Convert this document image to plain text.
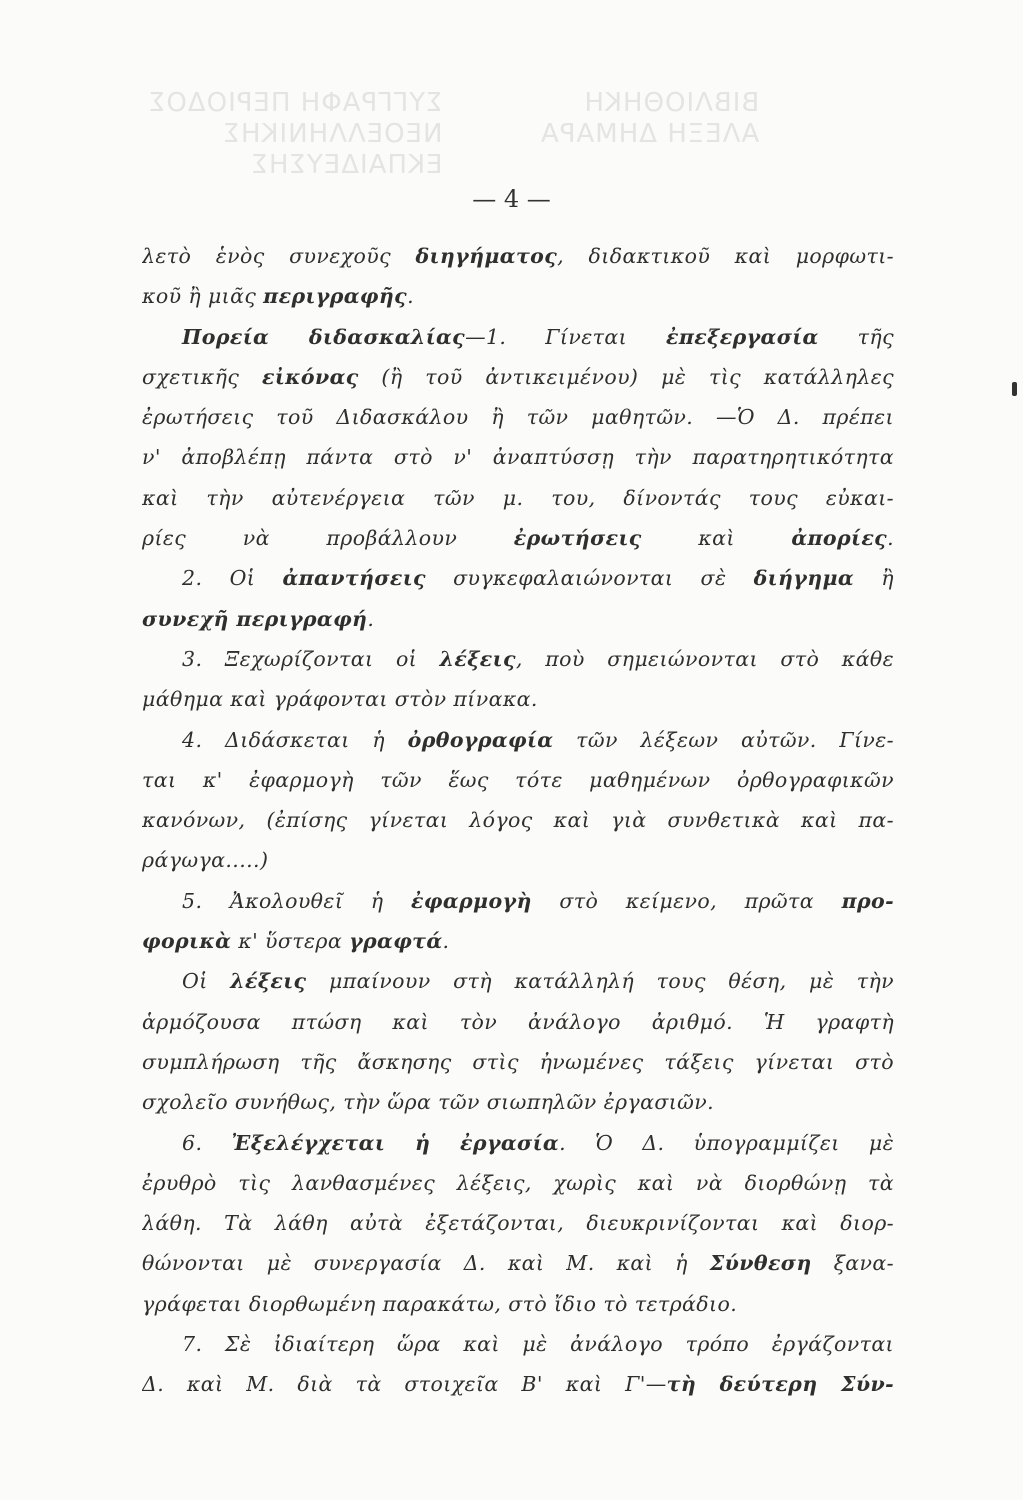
ΣΥΓΓΡΑΦΗ ΠΕΡΙΟΔΟΣ
ΝΕΟΕΛΛΗΝΙΚΗΣ
ΕΚΠΑΙΔΕΥΣΗΣ
ΒΙΒΛΙΟΘΗΚΗ
ΑΛΕΞΗ ΔΗΜΑΡΑ
— 4 —
λετὸ ἑνὸς συνεχοῦς διηγήματος, διδακτικοῦ καὶ μορφωτι-
κοῦ ἢ μιᾶς περιγραφῆς.
Πορεία διδασκαλίας—1. Γίνεται ἐπεξεργασία τῆς
σχετικῆς εἰκόνας (ἢ τοῦ ἀντικειμένου) μὲ τὶς κατάλληλες
ἐρωτήσεις τοῦ Διδασκάλου ἢ τῶν μαθητῶν. —Ὁ Δ. πρέπει
ν' ἀποβλέπῃ πάντα στὸ ν' ἀναπτύσσῃ τὴν παρατηρητικότητα
καὶ τὴν αὐτενέργεια τῶν μ. του, δίνοντάς τους εὐκαι-
ρίες νὰ προβάλλουν ἐρωτήσεις καὶ ἀπορίες.
2. Οἱ ἀπαντήσεις συγκεφαλαιώνονται σὲ διήγημα ἢ
συνεχῆ περιγραφή.
3. Ξεχωρίζονται οἱ λέξεις, ποὺ σημειώνονται στὸ κάθε
μάθημα καὶ γράφονται στὸν πίνακα.
4. Διδάσκεται ἡ ὀρθογραφία τῶν λέξεων αὐτῶν. Γίνε-
ται κ' ἐφαρμογὴ τῶν ἕως τότε μαθημένων ὀρθογραφικῶν
κανόνων, (ἐπίσης γίνεται λόγος καὶ γιὰ συνθετικὰ καὶ πα-
ράγωγα.....)
5. Ἀκολουθεῖ ἡ ἐφαρμογὴ στὸ κείμενο, πρῶτα προ-
φορικὰ κ' ὕστερα γραφτά.
Οἱ λέξεις μπαίνουν στὴ κατάλληλή τους θέση, μὲ τὴν
ἁρμόζουσα πτώση καὶ τὸν ἀνάλογο ἀριθμό. Ἡ γραφτὴ
συμπλήρωση τῆς ἄσκησης στὶς ἠνωμένες τάξεις γίνεται στὸ
σχολεῖο συνήθως, τὴν ὥρα τῶν σιωπηλῶν ἐργασιῶν.
6. Ἐξελέγχεται ἡ ἐργασία. Ὁ Δ. ὑπογραμμίζει μὲ
ἐρυθρὸ τὶς λανθασμένες λέξεις, χωρὶς καὶ νὰ διορθώνῃ τὰ
λάθη. Τὰ λάθη αὐτὰ ἐξετάζονται, διευκρινίζονται καὶ διορ-
θώνονται μὲ συνεργασία Δ. καὶ Μ. καὶ ἡ Σύνθεση ξανα-
γράφεται διορθωμένη παρακάτω, στὸ ἴδιο τὸ τετράδιο.
7. Σὲ ἰδιαίτερη ὥρα καὶ μὲ ἀνάλογο τρόπο ἐργάζονται
Δ. καὶ Μ. διὰ τὰ στοιχεῖα Β' καὶ Γ'—τὴ δεύτερη Σύν-
